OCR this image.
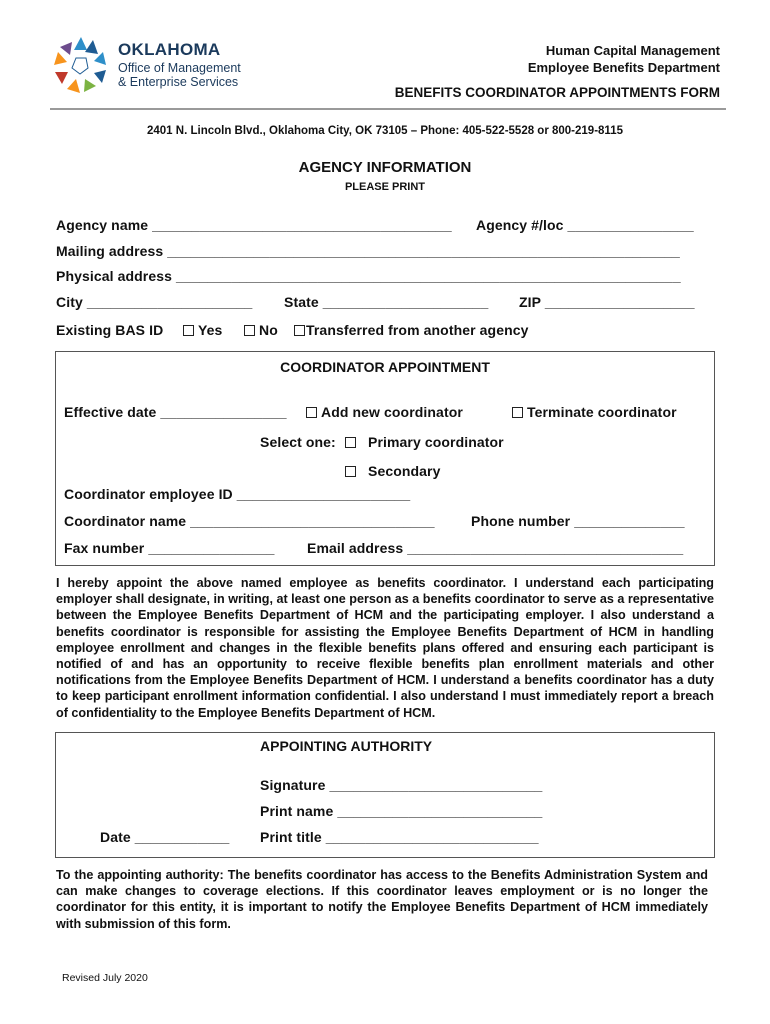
OKLAHOMA
Office of Management
& Enterprise Services
Human Capital Management
Employee Benefits Department
BENEFITS COORDINATOR APPOINTMENTS FORM
2401 N. Lincoln Blvd., Oklahoma City, OK 73105 – Phone: 405-522-5528 or 800-219-8115
AGENCY INFORMATION
PLEASE PRINT
Agency name ______________________________________ Agency #/loc ________________
Mailing address _________________________________________________________________
Physical address ________________________________________________________________
City _____________________ State _____________________ ZIP ___________________
Existing BAS ID	Yes	No	Transferred from another agency
COORDINATOR APPOINTMENT
Effective date ________________	Add new coordinator	Terminate coordinator
Select one:	Primary coordinator
Secondary
Coordinator employee ID ______________________
Coordinator name _______________________________	Phone number ______________
Fax number ________________ Email address ___________________________________
I hereby appoint the above named employee as benefits coordinator. I understand each participating employer shall designate, in writing, at least one person as a benefits coordinator to serve as a representative between the Employee Benefits Department of HCM and the participating employer. I also understand a benefits coordinator is responsible for assisting the Employee Benefits Department of HCM in handling employee enrollment and changes in the flexible benefits plans offered and ensuring each participant is notified of and has an opportunity to receive flexible benefits plan enrollment materials and other notifications from the Employee Benefits Department of HCM. I understand a benefits coordinator has a duty to keep participant enrollment information confidential. I also understand I must immediately report a breach of confidentiality to the Employee Benefits Department of HCM.
APPOINTING AUTHORITY
Signature ___________________________
Print name __________________________
Date ____________ Print title ___________________________
To the appointing authority: The benefits coordinator has access to the Benefits Administration System and can make changes to coverage elections. If this coordinator leaves employment or is no longer the coordinator for this entity, it is important to notify the Employee Benefits Department of HCM immediately with submission of this form.
Revised July 2020
